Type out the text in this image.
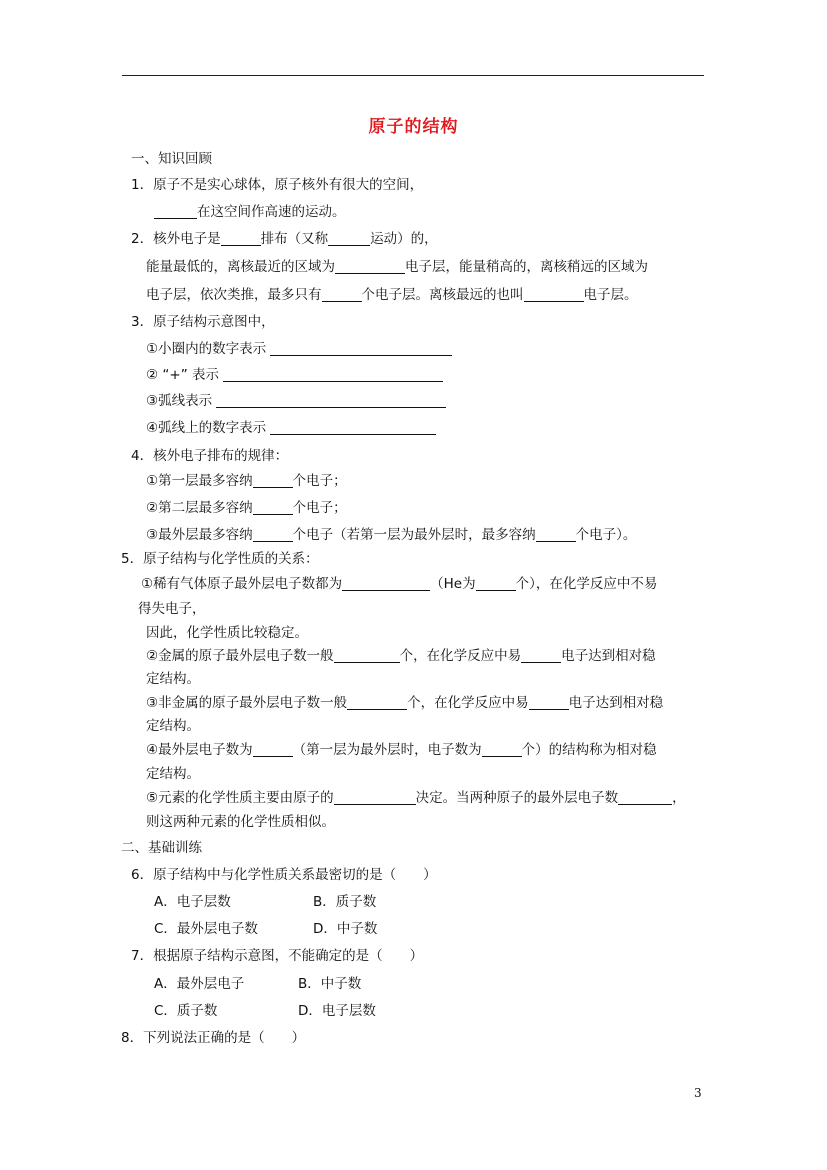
原子的结构
一、知识回顾
1．原子不是实心球体，原子核外有很大的空间，
在这空间作高速的运动。
2．核外电子是	排布（又称	运动）的，
能量最低的，离核最近的区域为	电子层，能量稍高的，离核稍远的区域为
电子层，依次类推，最多只有	个电子层。离核最远的也叫	电子层。
3．原子结构示意图中，
①小圈内的数字表示
② “+” 表示
③弧线表示
④弧线上的数字表示
4．核外电子排布的规律：
①第一层最多容纳	个电子；
②第二层最多容纳	个电子；
③最外层最多容纳	个电子（若第一层为最外层时，最多容纳	个电子）。
5．原子结构与化学性质的关系：
①稀有气体原子最外层电子数都为	（He为	个），在化学反应中不易
得失电子，
因此，化学性质比较稳定。
②金属的原子最外层电子数一般	个，在化学反应中易	电子达到相对稳
定结构。
③非金属的原子最外层电子数一般	个，在化学反应中易	电子达到相对稳
定结构。
④最外层电子数为	（第一层为最外层时，电子数为	个）的结构称为相对稳
定结构。
⑤元素的化学性质主要由原子的	决定。当两种原子的最外层电子数	，
则这两种元素的化学性质相似。
二、基础训练
6．原子结构中与化学性质关系最密切的是（　　）
A．电子层数	B．质子数
C．最外层电子数	D．中子数
7．根据原子结构示意图，不能确定的是（　　）
A．最外层电子	B．中子数
C．质子数	D．电子层数
8．下列说法正确的是（　　）
3
